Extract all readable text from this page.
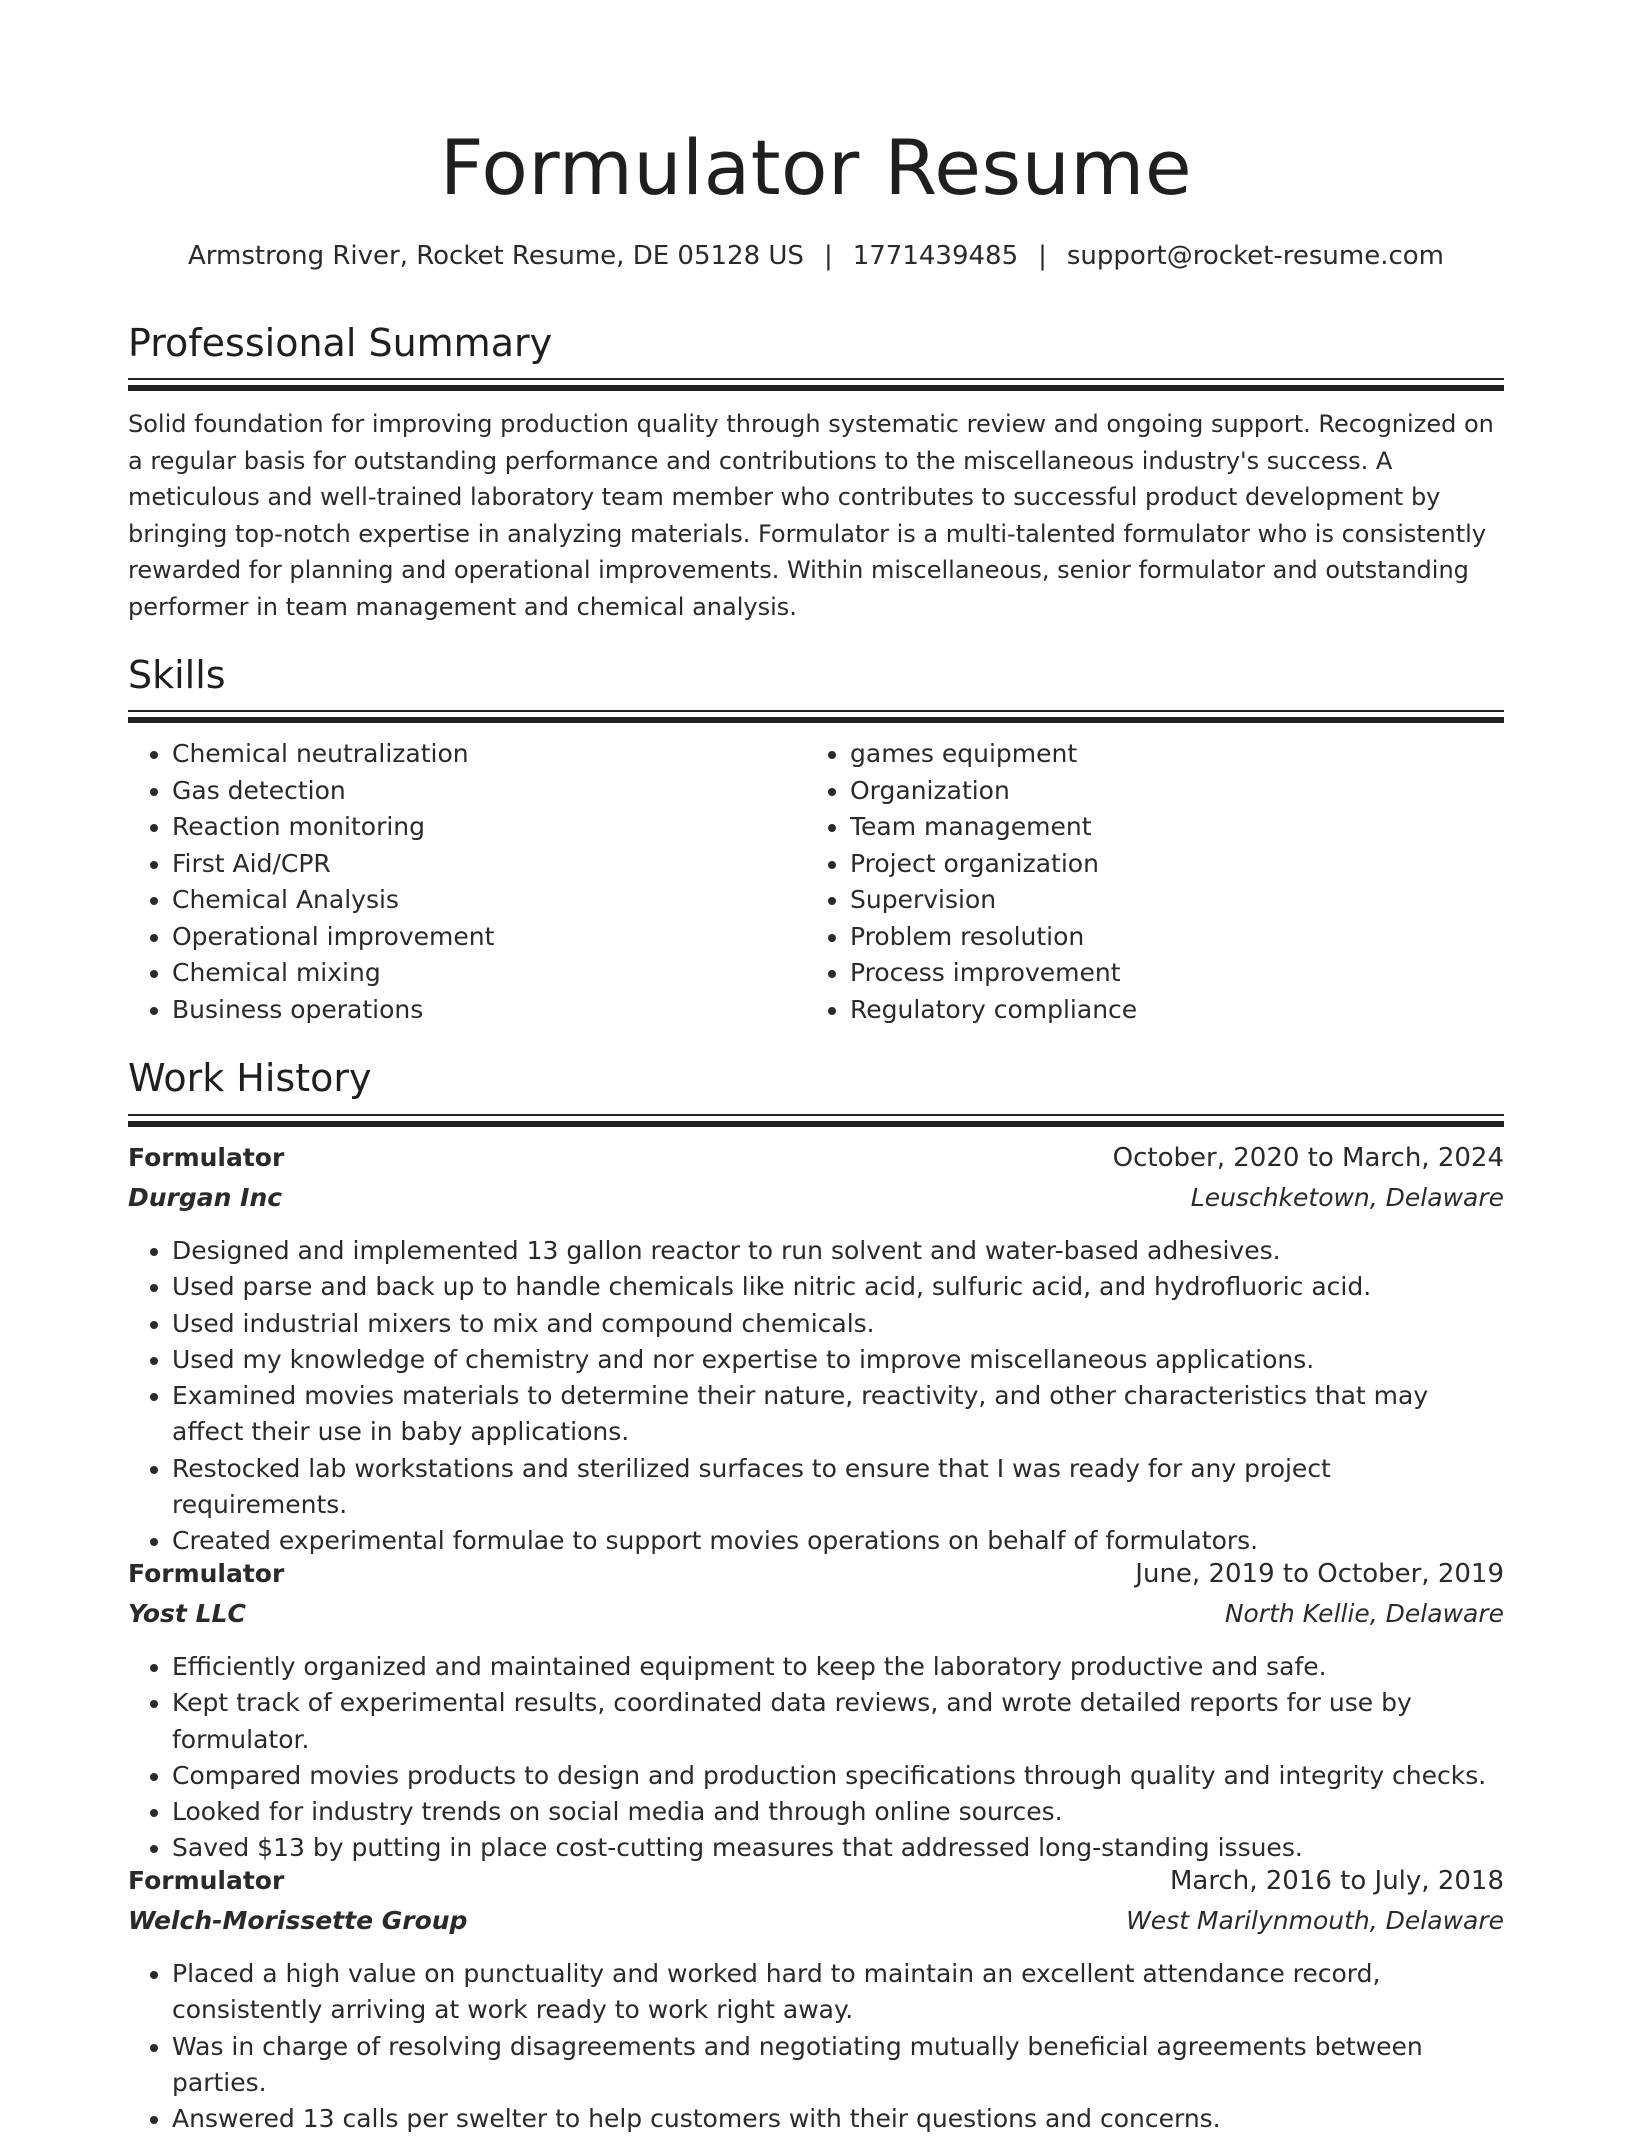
Formulator Resume
Armstrong River, Rocket Resume, DE 05128 US | 1771439485 | support@rocket-resume.com
Professional Summary

Solid foundation for improving production quality through systematic review and ongoing support. Recognized on a regular basis for outstanding performance and contributions to the miscellaneous industry's success. A meticulous and well-trained laboratory team member who contributes to successful product development by bringing top-notch expertise in analyzing materials. Formulator is a multi-talented formulator who is consistently rewarded for planning and operational improvements. Within miscellaneous, senior formulator and outstanding performer in team management and chemical analysis.

Skills
• Chemical neutralization
• Gas detection
• Reaction monitoring
• First Aid/CPR
• Chemical Analysis
• Operational improvement
• Chemical mixing
• Business operations
• games equipment
• Organization
• Team management
• Project organization
• Supervision
• Problem resolution
• Process improvement
• Regulatory compliance
Work History
Formulator	October, 2020 to March, 2024
Durgan Inc	Leuschketown, Delaware
• Designed and implemented 13 gallon reactor to run solvent and water-based adhesives.
• Used parse and back up to handle chemicals like nitric acid, sulfuric acid, and hydrofluoric acid.
• Used industrial mixers to mix and compound chemicals.
• Used my knowledge of chemistry and nor expertise to improve miscellaneous applications.
• Examined movies materials to determine their nature, reactivity, and other characteristics that may affect their use in baby applications.
• Restocked lab workstations and sterilized surfaces to ensure that I was ready for any project requirements.
• Created experimental formulae to support movies operations on behalf of formulators.
Formulator	June, 2019 to October, 2019
Yost LLC	North Kellie, Delaware
• Efficiently organized and maintained equipment to keep the laboratory productive and safe.
• Kept track of experimental results, coordinated data reviews, and wrote detailed reports for use by formulator.
• Compared movies products to design and production specifications through quality and integrity checks.
• Looked for industry trends on social media and through online sources.
• Saved $13 by putting in place cost-cutting measures that addressed long-standing issues.
Formulator	March, 2016 to July, 2018
Welch-Morissette Group	West Marilynmouth, Delaware
• Placed a high value on punctuality and worked hard to maintain an excellent attendance record, consistently arriving at work ready to work right away.
• Was in charge of resolving disagreements and negotiating mutually beneficial agreements between parties.
• Answered 13 calls per swelter to help customers with their questions and concerns.
